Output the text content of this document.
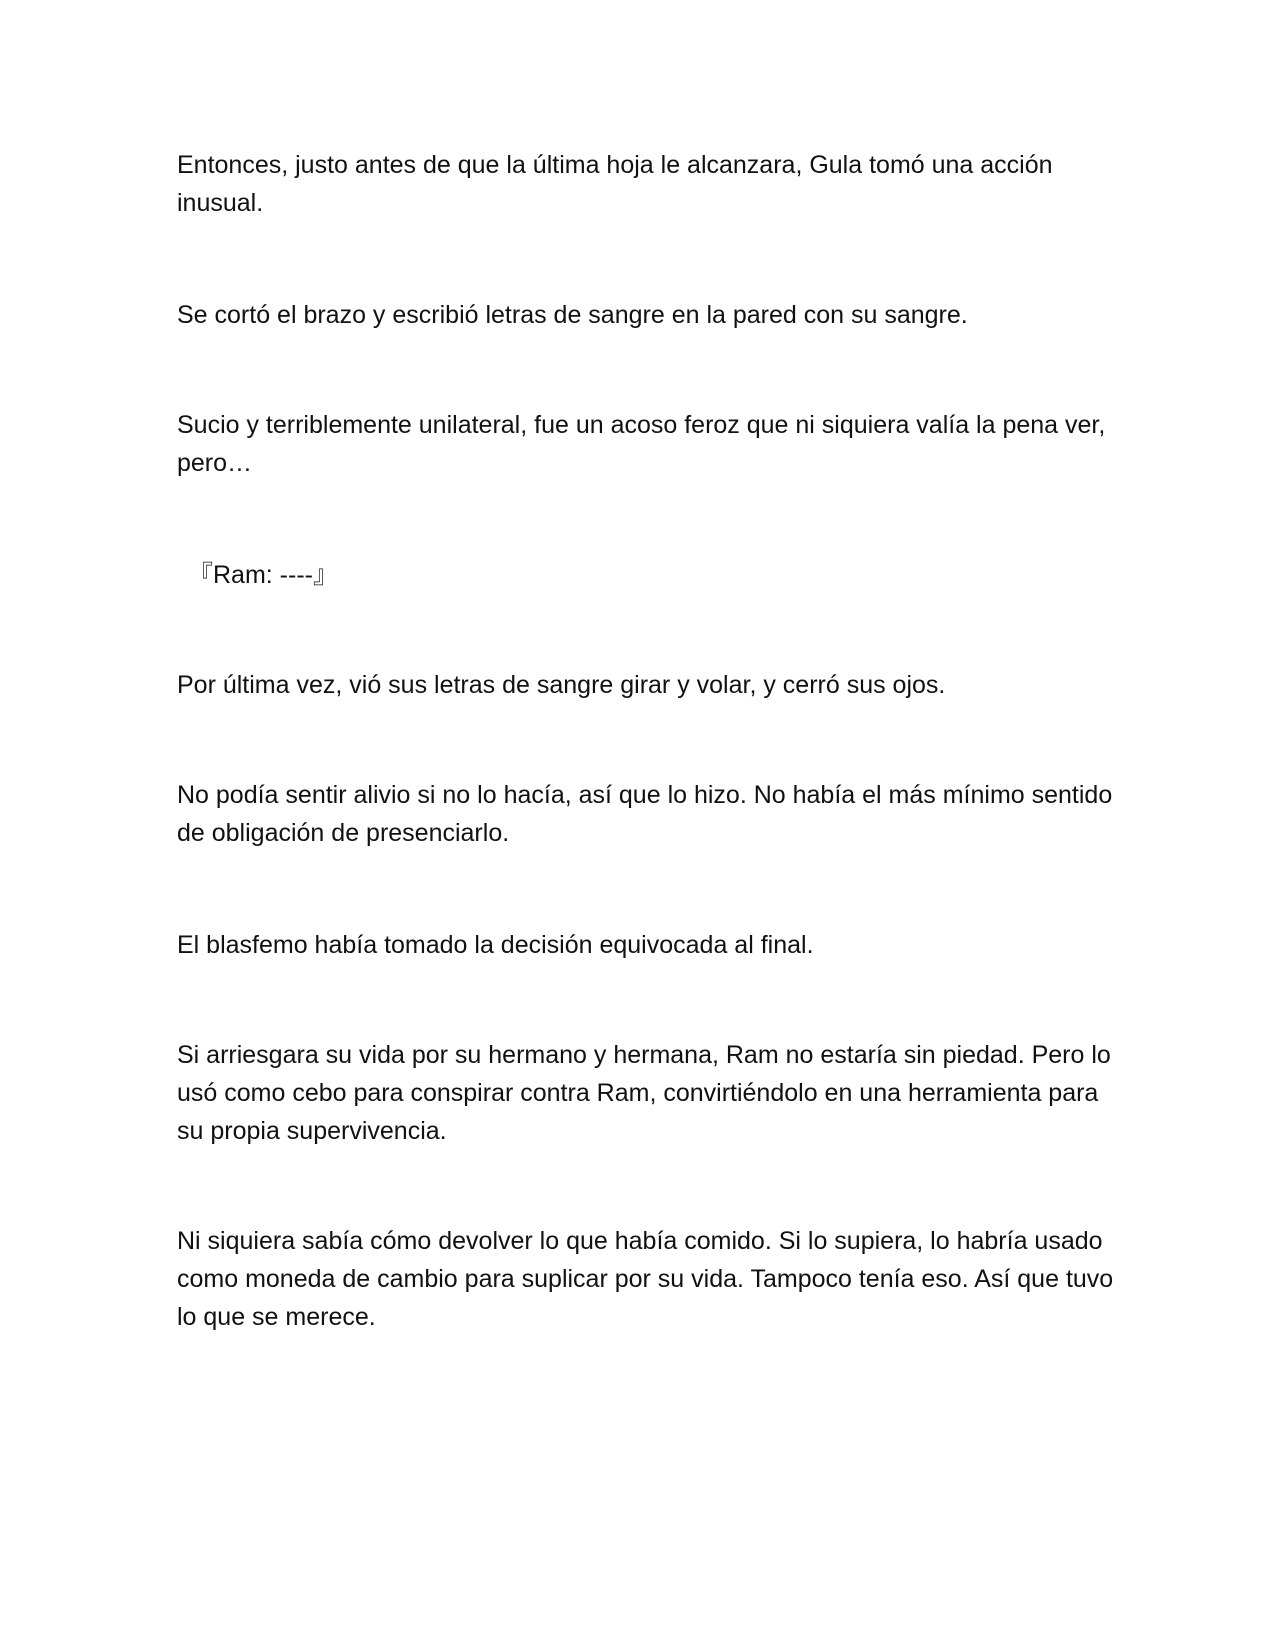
Entonces, justo antes de que la última hoja le alcanzara, Gula tomó una acción inusual.

Se cortó el brazo y escribió letras de sangre en la pared con su sangre.

Sucio y terriblemente unilateral, fue un acoso feroz que ni siquiera valía la pena ver, pero…

『Ram: ----』

Por última vez, vió sus letras de sangre girar y volar, y cerró sus ojos.

No podía sentir alivio si no lo hacía, así que lo hizo. No había el más mínimo sentido de obligación de presenciarlo.

El blasfemo había tomado la decisión equivocada al final.

Si arriesgara su vida por su hermano y hermana, Ram no estaría sin piedad. Pero lo usó como cebo para conspirar contra Ram, convirtiéndolo en una herramienta para su propia supervivencia.

Ni siquiera sabía cómo devolver lo que había comido. Si lo supiera, lo habría usado como moneda de cambio para suplicar por su vida. Tampoco tenía eso. Así que tuvo lo que se merece.
